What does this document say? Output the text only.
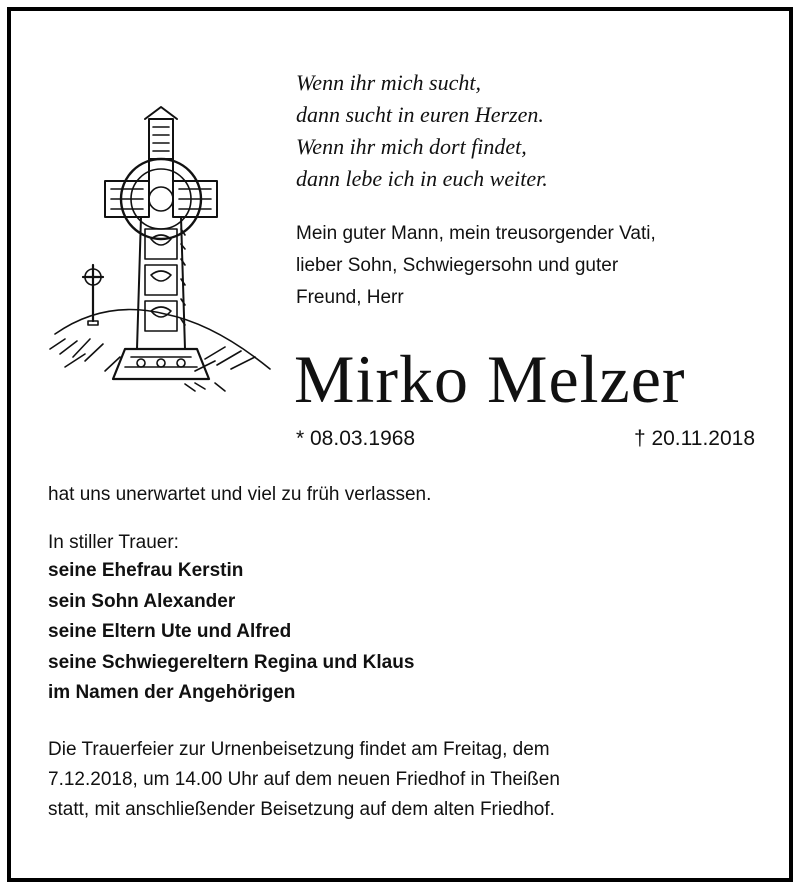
Wenn ihr mich sucht,
dann sucht in euren Herzen.
Wenn ihr mich dort findet,
dann lebe ich in euch weiter.
Mein guter Mann, mein treusorgender Vati,
lieber Sohn, Schwiegersohn und guter
Freund, Herr
Mirko Melzer
* 08.03.1968	† 20.11.2018
hat uns unerwartet und viel zu früh verlassen.
In stiller Trauer:
seine Ehefrau Kerstin
sein Sohn Alexander
seine Eltern Ute und Alfred
seine Schwiegereltern Regina und Klaus
im Namen der Angehörigen
Die Trauerfeier zur Urnenbeisetzung findet am Freitag, dem
7.12.2018, um 14.00 Uhr auf dem neuen Friedhof in Theißen
statt, mit anschließender Beisetzung auf dem alten Friedhof.
